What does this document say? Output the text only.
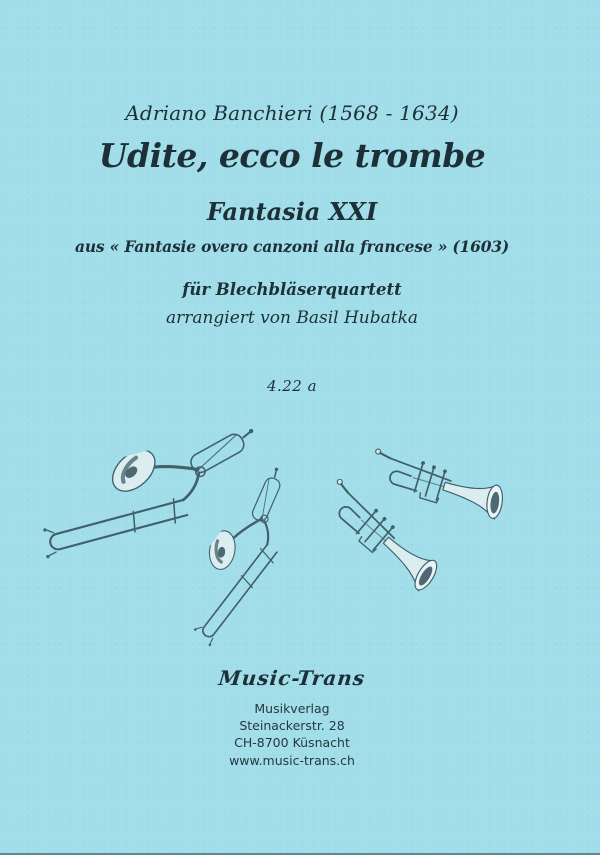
Adriano Banchieri (1568 - 1634)
Udite, ecco le trombe
Fantasia XXI
aus « Fantasie overo canzoni alla francese » (1603)
für Blechbläserquartett
arrangiert von Basil Hubatka
4.22 a
Music-Trans
Musikverlag
Steinackerstr. 28
CH-8700 Küsnacht
www.music-trans.ch
